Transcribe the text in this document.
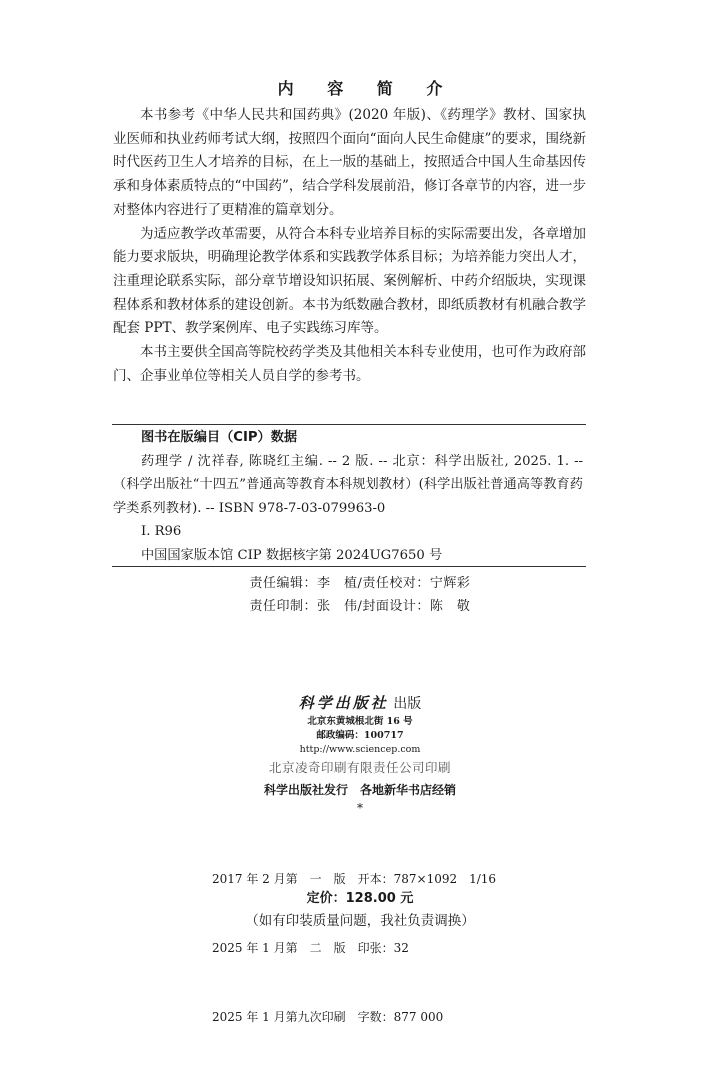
内 容 简 介

本书参考《中华人民共和国药典》(2020 年版)、《药理学》教材、国家执业医师和执业药师考试大纲，按照四个面向“面向人民生命健康”的要求，围绕新时代医药卫生人才培养的目标，在上一版的基础上，按照适合中国人生命基因传承和身体素质特点的“中国药”，结合学科发展前沿，修订各章节的内容，进一步对整体内容进行了更精准的篇章划分。

为适应教学改革需要，从符合本科专业培养目标的实际需要出发，各章增加能力要求版块，明确理论教学体系和实践教学体系目标；为培养能力突出人才，注重理论联系实际，部分章节增设知识拓展、案例解析、中药介绍版块，实现课程体系和教材体系的建设创新。本书为纸数融合教材，即纸质教材有机融合教学配套 PPT、教学案例库、电子实践练习库等。

本书主要供全国高等院校药学类及其他相关本科专业使用，也可作为政府部门、企事业单位等相关人员自学的参考书。

图书在版编目（CIP）数据
药理学 / 沈祥春, 陈晓红主编. -- 2 版. -- 北京：科学出版社, 2025. 1. --（科学出版社“十四五”普通高等教育本科规划教材）(科学出版社普通高等教育药学类系列教材). -- ISBN 978-7-03-079963-0
Ⅰ. R96
中国国家版本馆 CIP 数据核字第 2024UG7650 号
责任编辑：李　植/责任校对：宁辉彩
责任印制：张　伟/封面设计：陈　敬
科学出版社 出版
北京东黄城根北街 16 号
邮政编码：100717
http://www.sciencep.com
北京凌奇印刷有限责任公司印刷
科学出版社发行　各地新华书店经销
*

2017 年 2 月第　一　版　开本：787×1092　1/16

2025 年 1 月第　二　版　印张：32

2025 年 1 月第九次印刷　字数：877 000

定价：128.00 元
（如有印装质量问题，我社负责调换）
